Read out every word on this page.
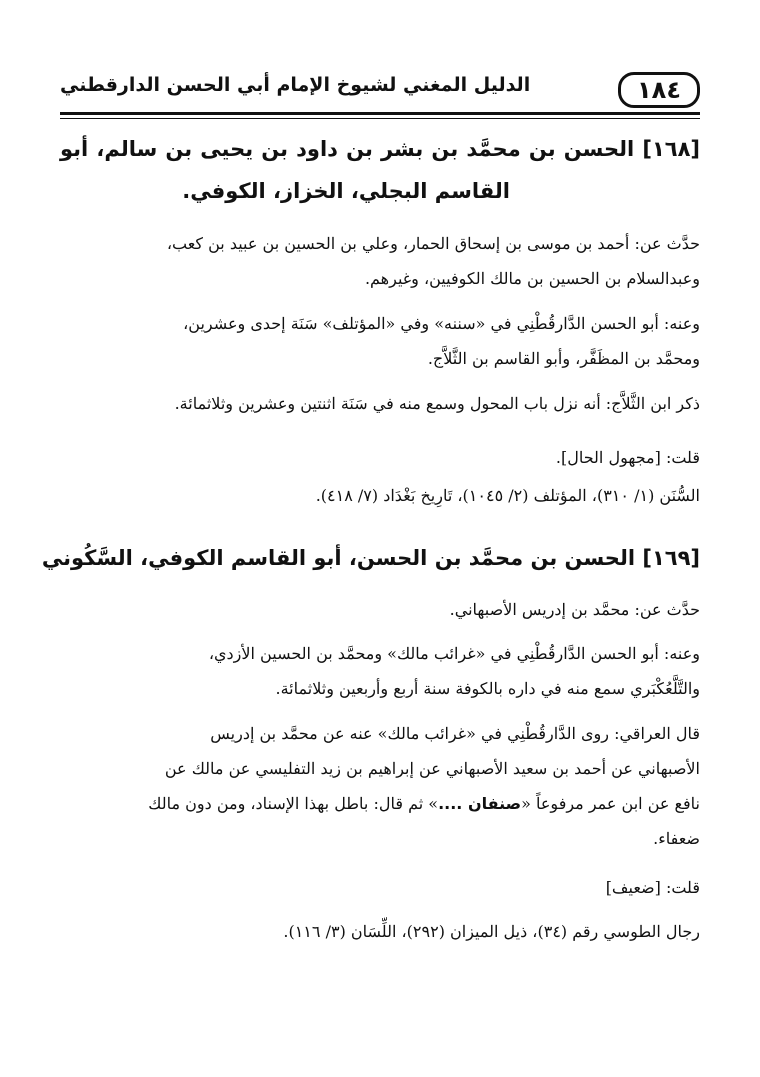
١٨٤
الدليل المغني لشيوخ الإمام أبي الحسن الدارقطني
[١٦٨] الحسن بن محمَّد بن بشر بن داود بن يحيى بن سالم، أبو
القاسم البجلي، الخزاز، الكوفي.
حدَّث عن: أحمد بن موسى بن إسحاق الحمار، وعلي بن الحسين بن عبيد بن كعب،
وعبدالسلام بن الحسين بن مالك الكوفيين، وغيرهم.
وعنه: أبو الحسن الدَّارقُطْنِي في «سننه» وفي «المؤتلف» سَنَة إحدى وعشرين،
ومحمَّد بن المظَفَّر، وأبو القاسم بن الثَّلاَّج.
ذكر ابن الثَّلاَّج: أنه نزل باب المحول وسمع منه في سَنَة اثنتين وعشرين وثلاثمائة.
قلت: [مجهول الحال].
السُّنَن (١/ ٣١٠)، المؤتلف (٢/ ١٠٤٥)، تَارِيخ بَغْدَاد (٧/ ٤١٨).
[١٦٩] الحسن بن محمَّد بن الحسن، أبو القاسم الكوفي، السَّكُوني
حدَّث عن: محمَّد بن إدريس الأصبهاني.
وعنه: أبو الحسن الدَّارقُطْنِي في «غرائب مالك» ومحمَّد بن الحسين الأزدي،
والتَّلَّعُكْبَري سمع منه في داره بالكوفة سنة أربع وأربعين وثلاثمائة.
قال العراقي: روى الدَّارقُطْنِي في «غرائب مالك» عنه عن محمَّد بن إدريس
الأصبهاني عن أحمد بن سعيد الأصبهاني عن إبراهيم بن زيد التفليسي عن مالك عن
نافع عن ابن عمر مرفوعاً «صنفان ....» ثم قال: باطل بهذا الإسناد، ومن دون مالك
ضعفاء.
قلت: [ضعيف]
رجال الطوسي رقم (٣٤)، ذيل الميزان (٢٩٢)، اللِّسَان (٣/ ١١٦).
